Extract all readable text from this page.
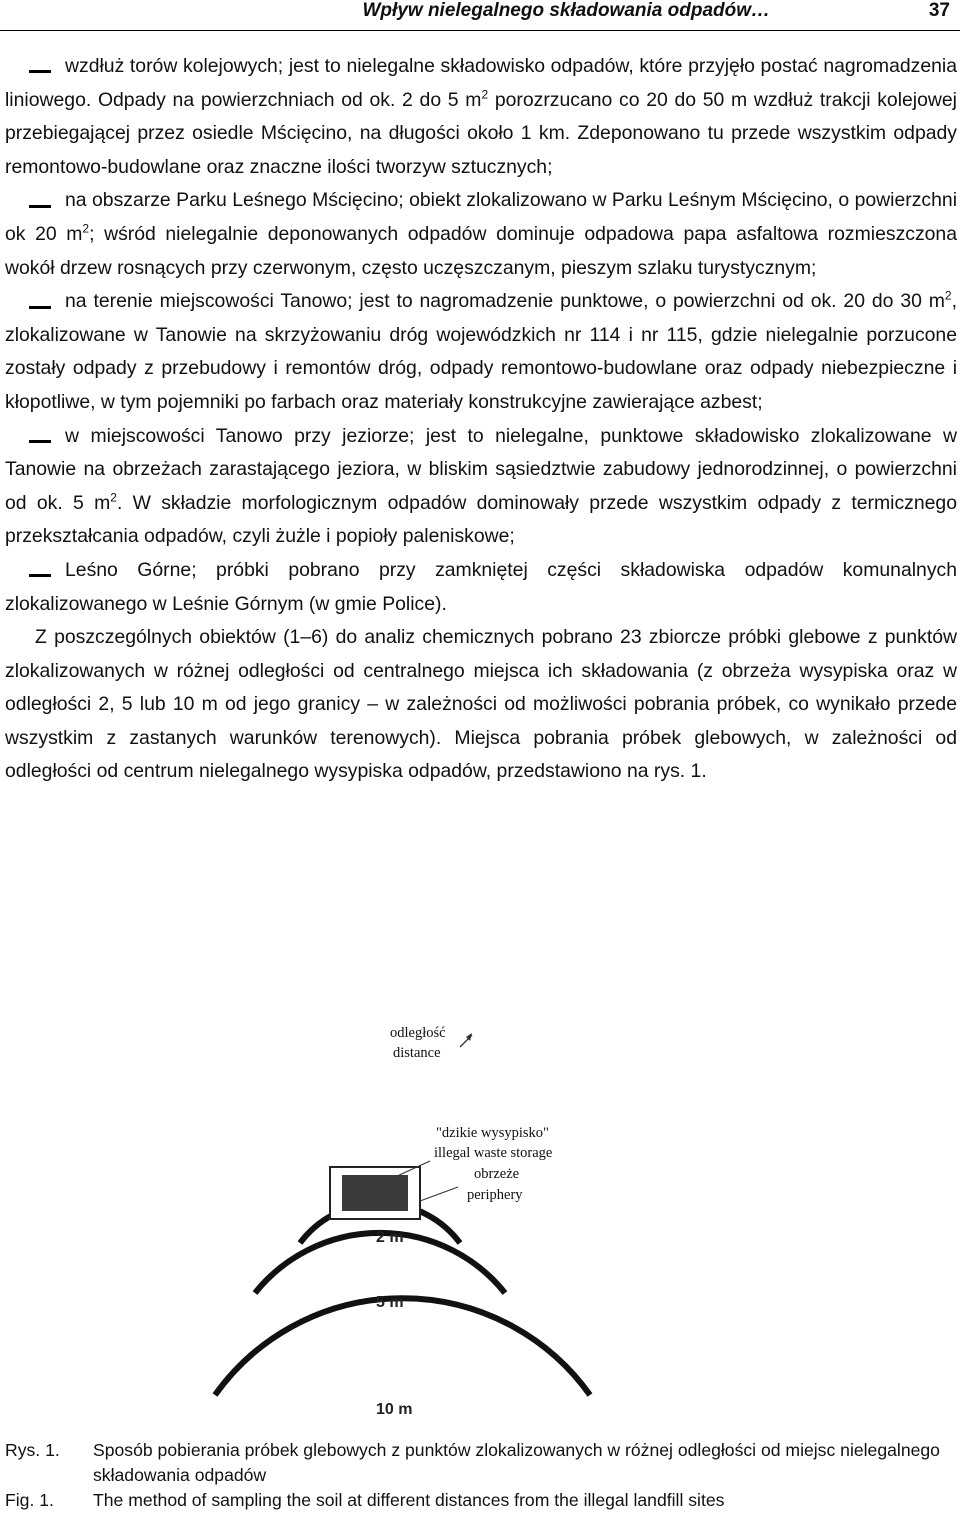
Wpływ nielegalnego składowania odpadów…	37

wzdłuż torów kolejowych; jest to nielegalne składowisko odpadów, które przyjęło postać nagromadzenia liniowego. Odpady na powierzchniach od ok. 2 do 5 $m^2$ porozrzucano co 20 do 50 m wzdłuż trakcji kolejowej przebiegającej przez osiedle Mścięcino, na długości około 1 km. Zdeponowano tu przede wszystkim odpady remontowo-budowlane oraz znaczne ilości tworzyw sztucznych;

na obszarze Parku Leśnego Mścięcino; obiekt zlokalizowano w Parku Leśnym Mścięcino, o powierzchni ok 20 $m^2$; wśród nielegalnie deponowanych odpadów dominuje odpadowa papa asfaltowa rozmieszczona wokół drzew rosnących przy czerwonym, często uczęszczanym, pieszym szlaku turystycznym;

na terenie miejscowości Tanowo; jest to nagromadzenie punktowe, o powierzchni od ok. 20 do 30 $m^2$, zlokalizowane w Tanowie na skrzyżowaniu dróg wojewódzkich nr 114 i nr 115, gdzie nielegalnie porzucone zostały odpady z przebudowy i remontów dróg, odpady remontowo-budowlane oraz odpady niebezpieczne i kłopotliwe, w tym pojemniki po farbach oraz materiały konstrukcyjne zawierające azbest;

w miejscowości Tanowo przy jeziorze; jest to nielegalne, punktowe składowisko zlokalizowane w Tanowie na obrzeżach zarastającego jeziora, w bliskim sąsiedztwie zabudowy jednorodzinnej, o powierzchni od ok. 5 $m^2$. W składzie morfologicznym odpadów dominowały przede wszystkim odpady z termicznego przekształcania odpadów, czyli żużle i popioły paleniskowe;

Leśno Górne; próbki pobrano przy zamkniętej części składowiska odpadów komunalnych zlokalizowanego w Leśnie Górnym (w gmie Police).

Z poszczególnych obiektów (1–6) do analiz chemicznych pobrano 23 zbiorcze próbki glebowe z punktów zlokalizowanych w różnej odległości od centralnego miejsca ich składowania (z obrzeża wysypiska oraz w odległości 2, 5 lub 10 m od jego granicy – w zależności od możliwości pobrania próbek, co wynikało przede wszystkim z zastanych warunków terenowych). Miejsca pobrania próbek glebowych, w zależności od odległości od centrum nielegalnego wysypiska odpadów, przedstawiono na rys. 1.

odległość
distance
"dzikie wysypisko"
illegal waste storage
obrzeże
periphery
2 m
5 m
10 m
Rys. 1.	Sposób pobierania próbek glebowych z punktów zlokalizowanych w różnej odległości od miejsc nielegalnego składowania odpadów
Fig. 1.	The method of sampling the soil at different distances from the illegal landfill sites
